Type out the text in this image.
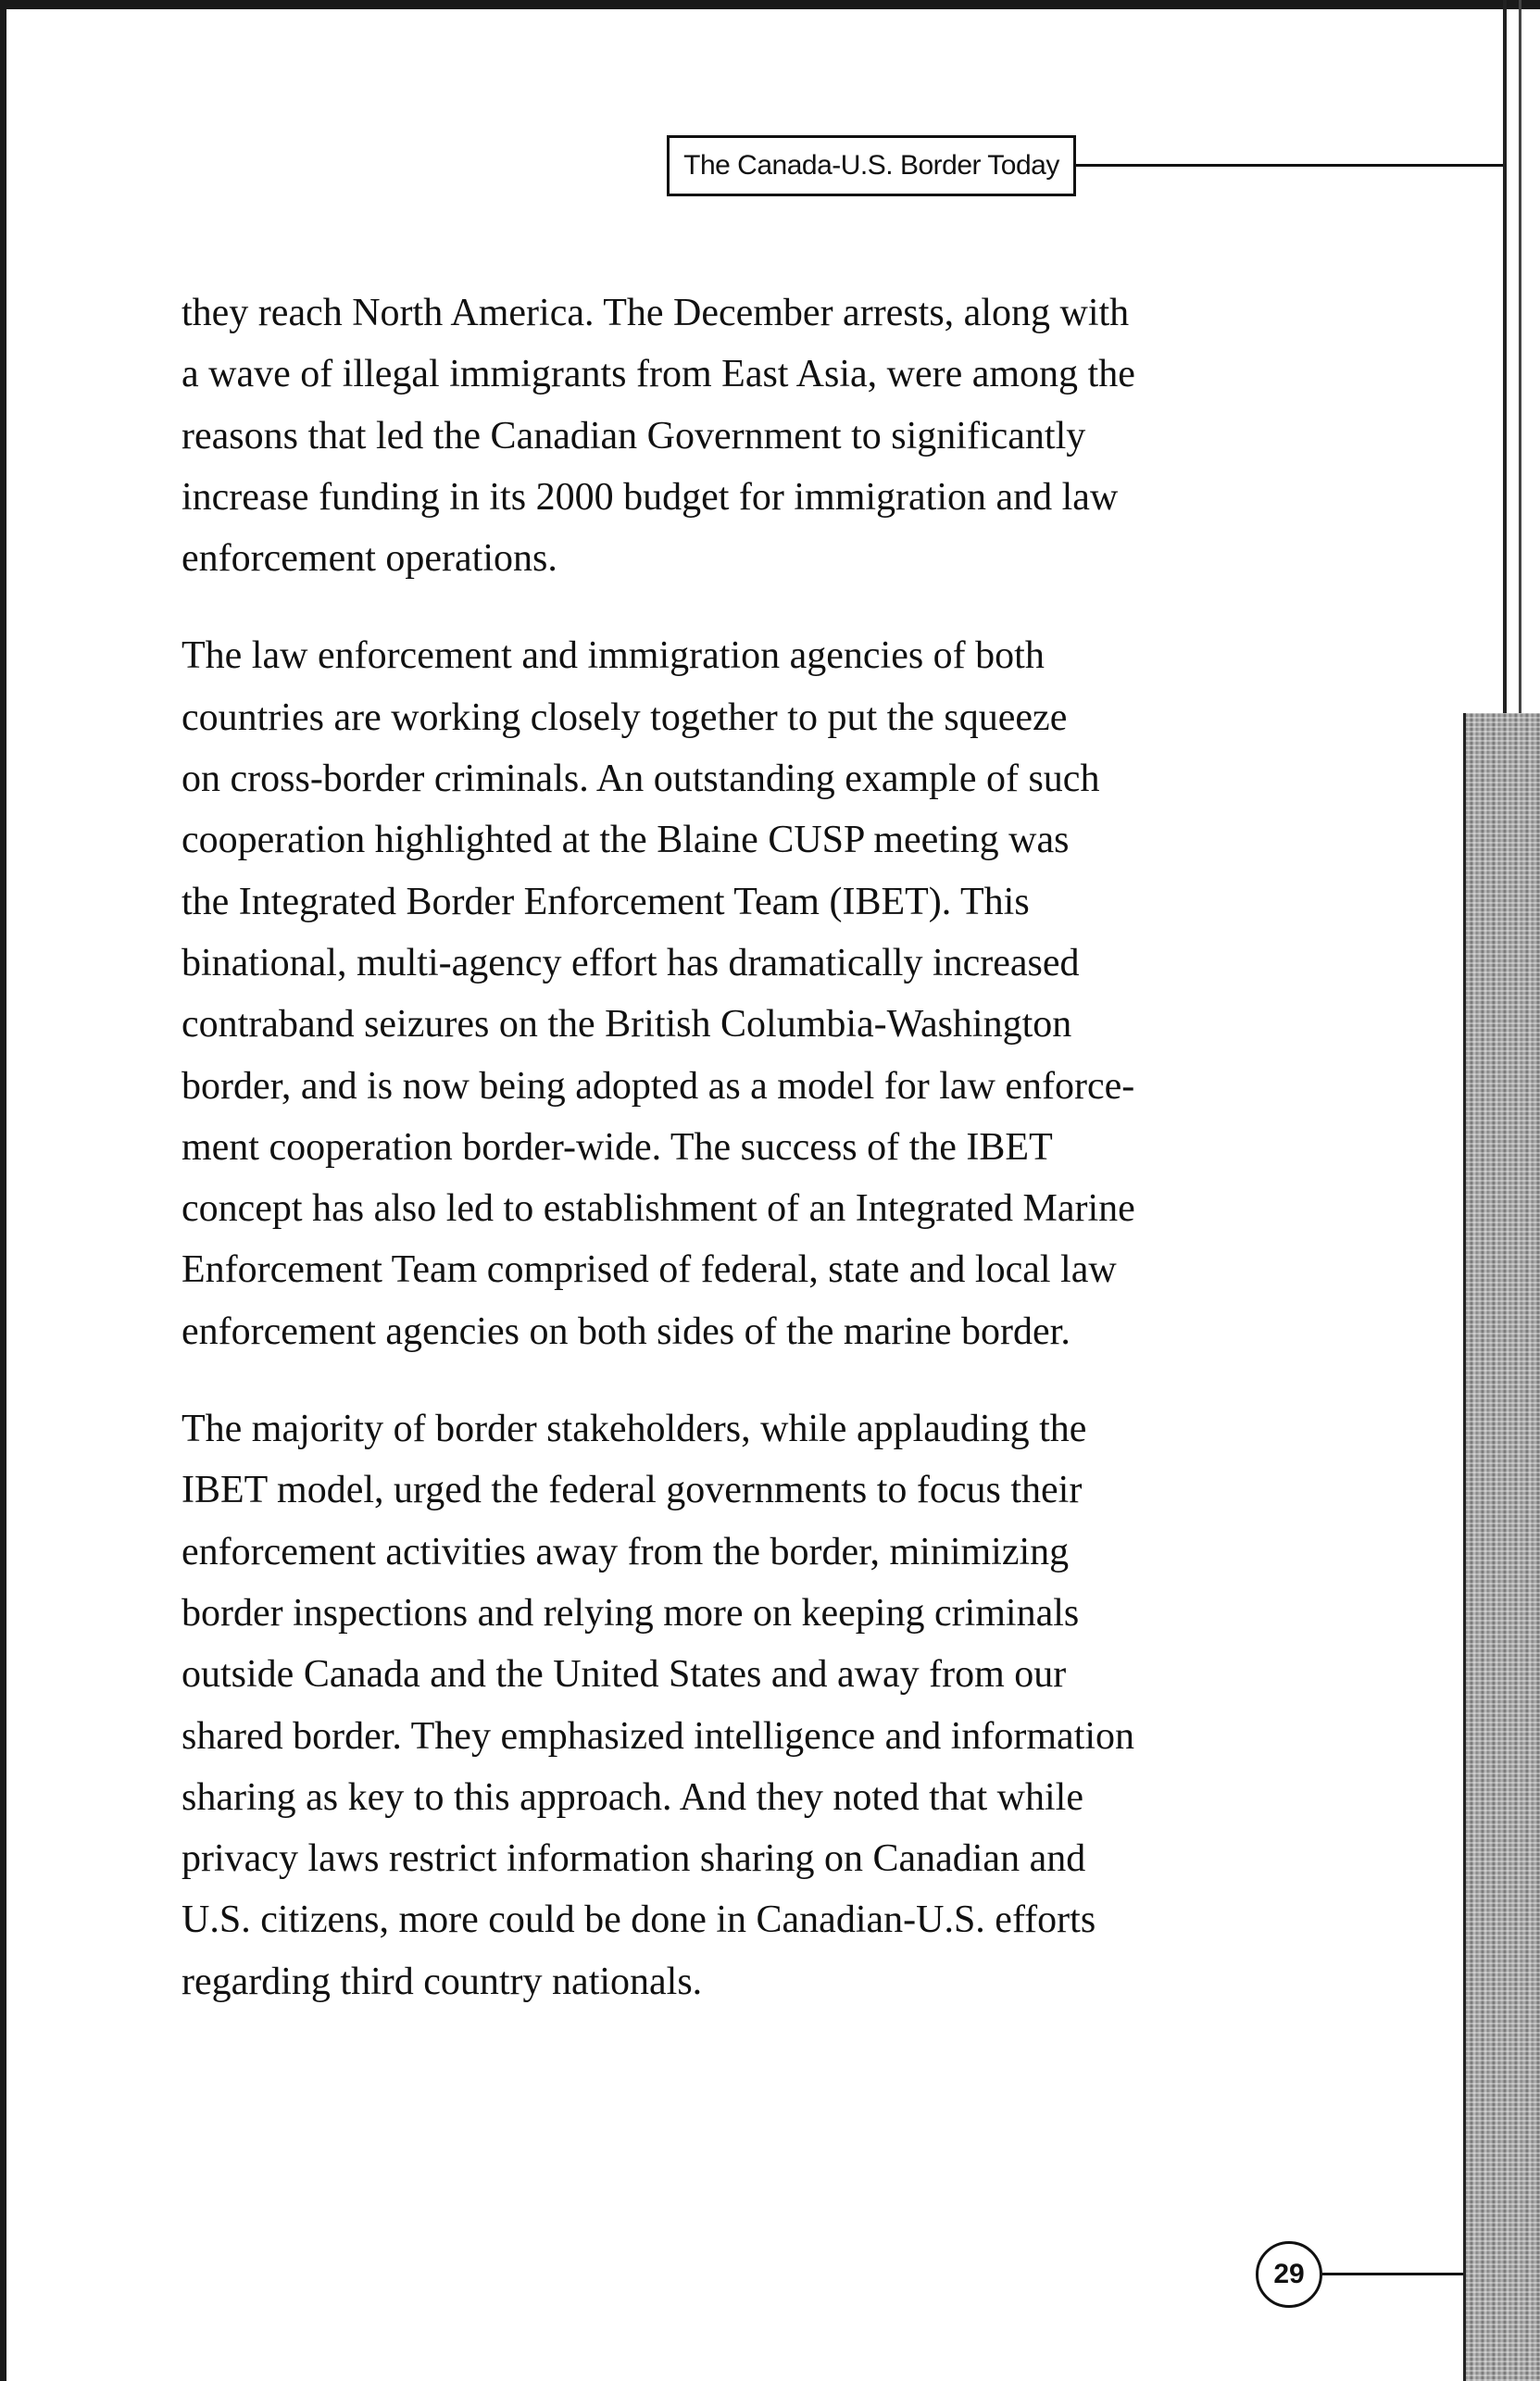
The Canada-U.S. Border Today

they reach North America. The December arrests, along with
a wave of illegal immigrants from East Asia, were among the
reasons that led the Canadian Government to significantly
increase funding in its 2000 budget for immigration and law
enforcement operations.

The law enforcement and immigration agencies of both
countries are working closely together to put the squeeze
on cross-border criminals. An outstanding example of such
cooperation highlighted at the Blaine CUSP meeting was
the Integrated Border Enforcement Team (IBET). This
binational, multi-agency effort has dramatically increased
contraband seizures on the British Columbia-Washington
border, and is now being adopted as a model for law enforce-
ment cooperation border-wide. The success of the IBET
concept has also led to establishment of an Integrated Marine
Enforcement Team comprised of federal, state and local law
enforcement agencies on both sides of the marine border.

The majority of border stakeholders, while applauding the
IBET model, urged the federal governments to focus their
enforcement activities away from the border, minimizing
border inspections and relying more on keeping criminals
outside Canada and the United States and away from our
shared border. They emphasized intelligence and information
sharing as key to this approach. And they noted that while
privacy laws restrict information sharing on Canadian and
U.S. citizens, more could be done in Canadian-U.S. efforts
regarding third country nationals.

29
